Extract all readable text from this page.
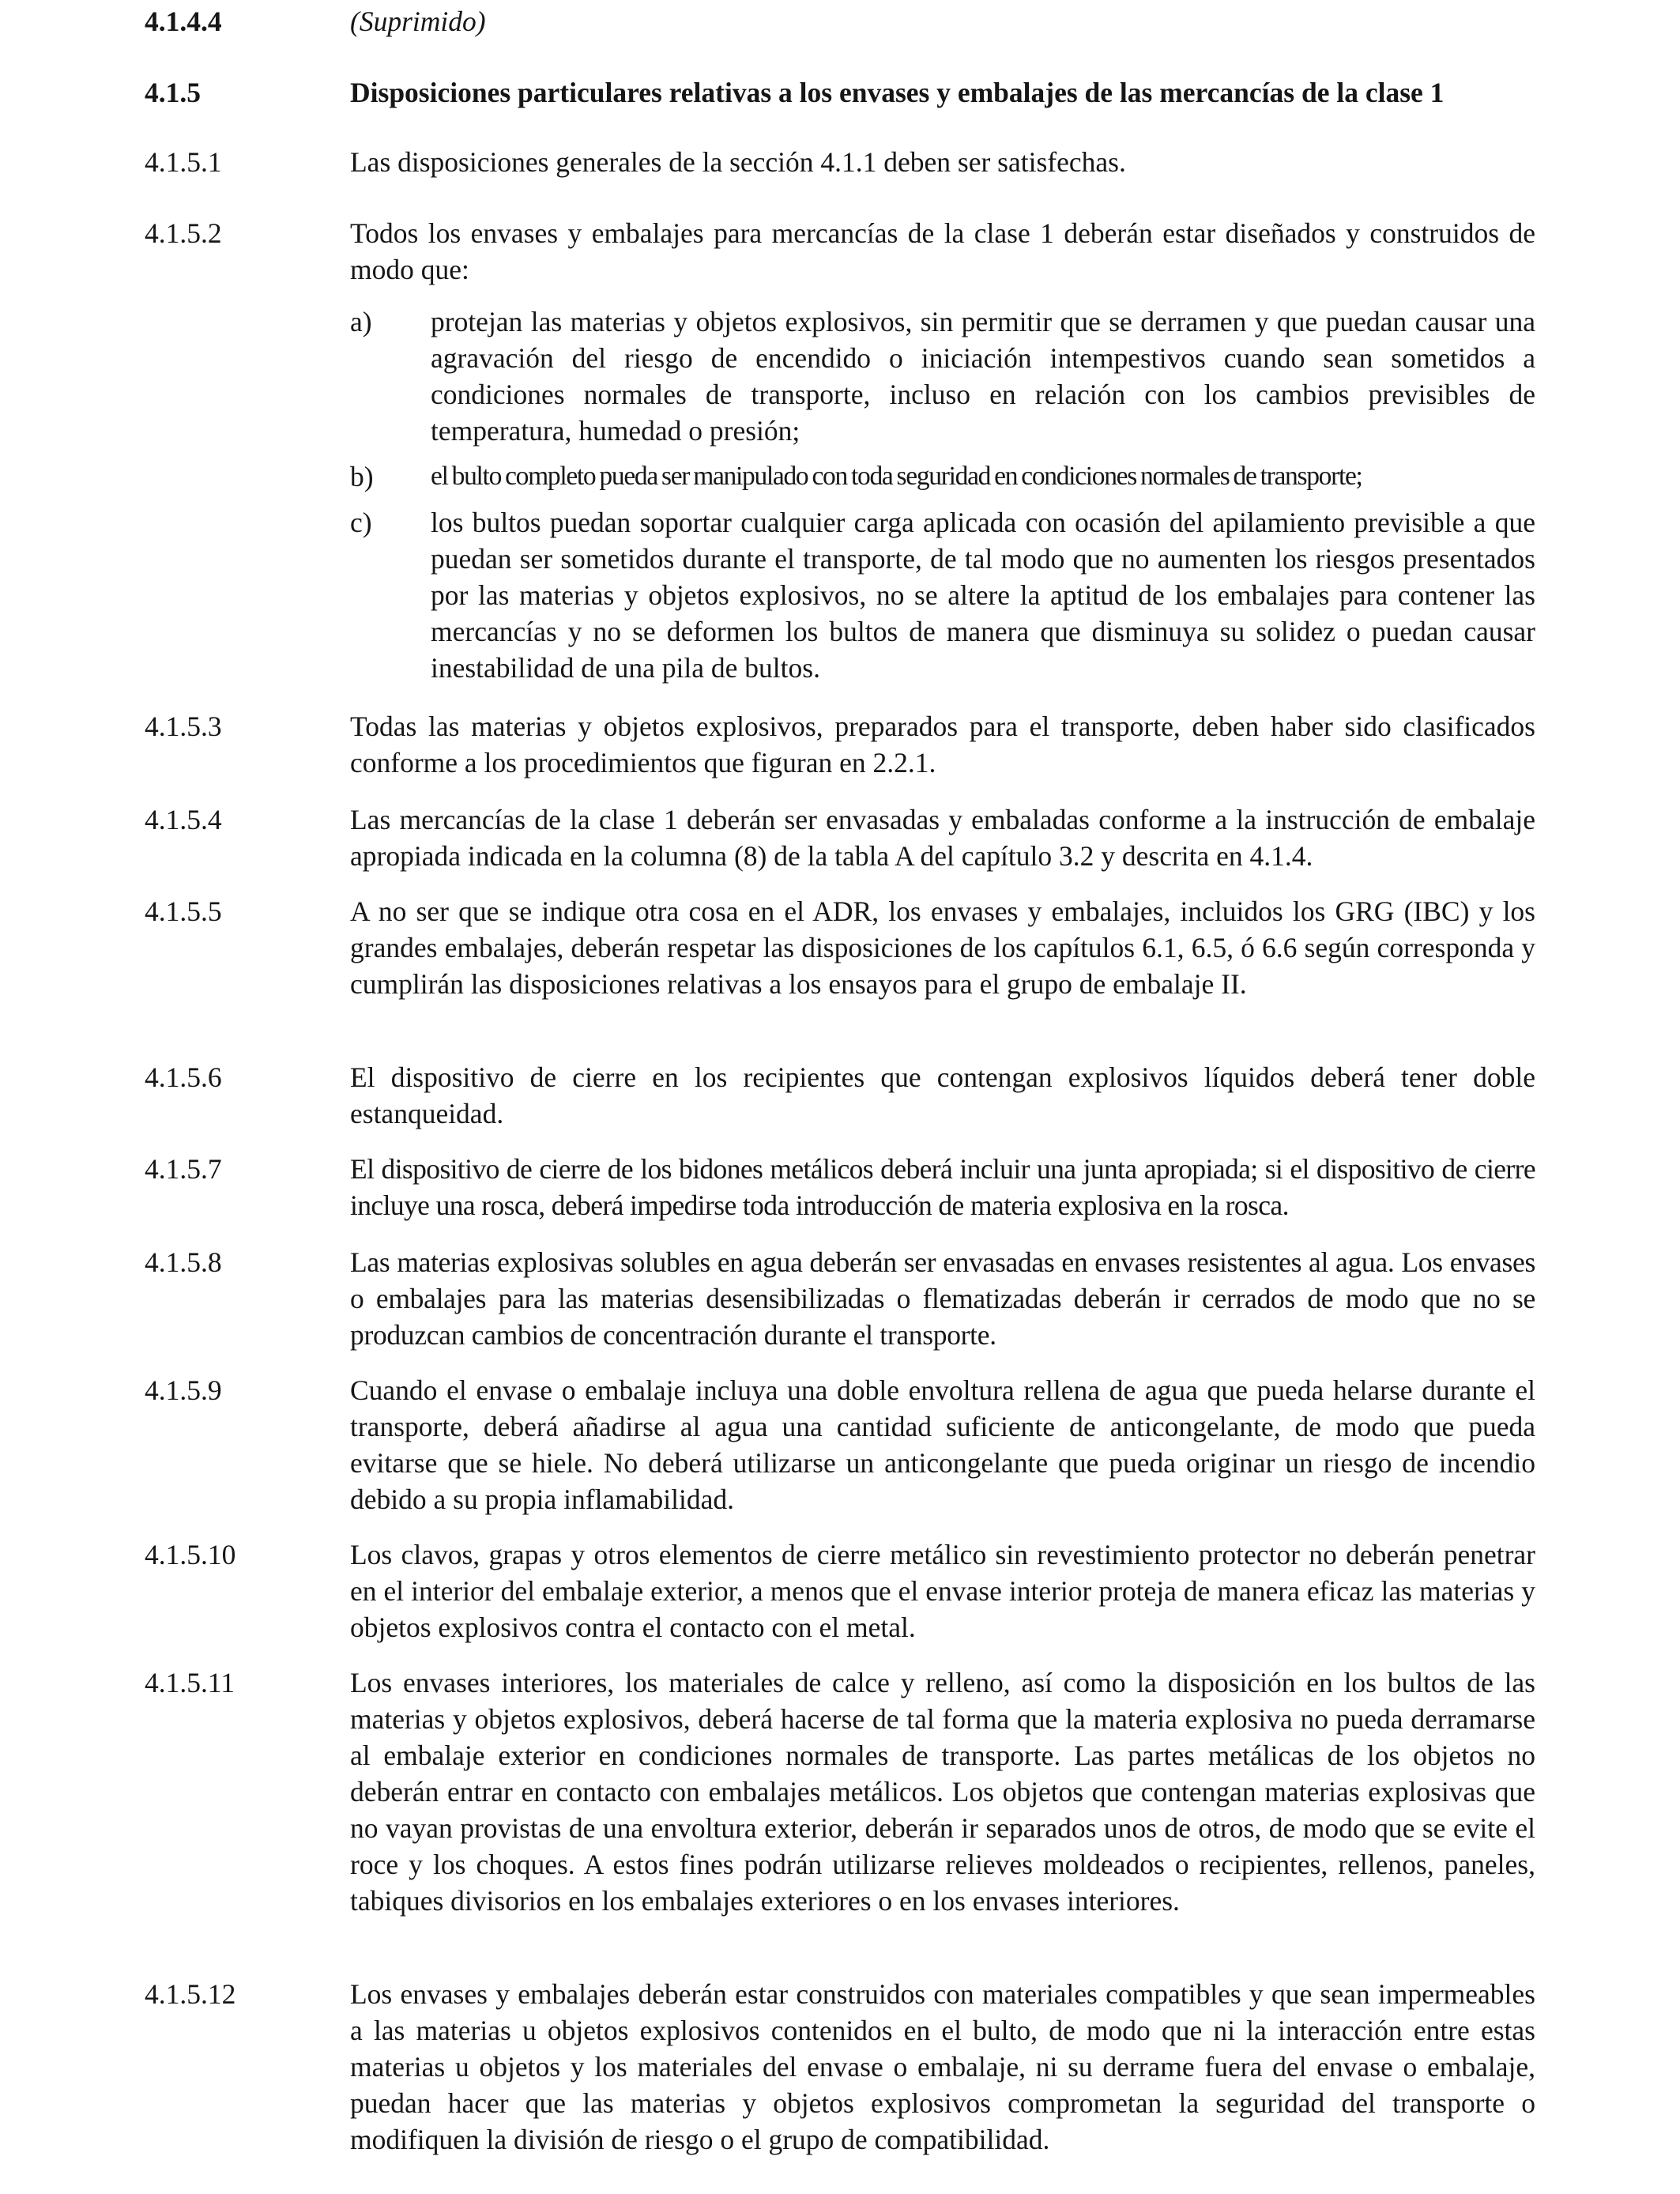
4.1.4.4	(Suprimido)
4.1.5	Disposiciones particulares relativas a los envases y embalajes de las mercancías de la clase 1
4.1.5.1	Las disposiciones generales de la sección 4.1.1 deben ser satisfechas.
4.1.5.2	Todos los envases y embalajes para mercancías de la clase 1 deberán estar diseñados y construidos de modo que:
a)	protejan las materias y objetos explosivos, sin permitir que se derramen y que puedan causar una agravación del riesgo de encendido o iniciación intempestivos cuando sean sometidos a condiciones normales de transporte, incluso en relación con los cambios previsibles de temperatura, humedad o presión;
b)	el bulto completo pueda ser manipulado con toda seguridad en condiciones normales de transporte;
c)	los bultos puedan soportar cualquier carga aplicada con ocasión del apilamiento previsible a que puedan ser sometidos durante el transporte, de tal modo que no aumenten los riesgos presentados por las materias y objetos explosivos, no se altere la aptitud de los embalajes para contener las mercancías y no se deformen los bultos de manera que disminuya su solidez o puedan causar inestabilidad de una pila de bultos.
4.1.5.3	Todas las materias y objetos explosivos, preparados para el transporte, deben haber sido clasificados conforme a los procedimientos que figuran en 2.2.1.
4.1.5.4	Las mercancías de la clase 1 deberán ser envasadas y embaladas conforme a la instrucción de embalaje apropiada indicada en la columna (8) de la tabla A del capítulo 3.2 y descrita en 4.1.4.
4.1.5.5	A no ser que se indique otra cosa en el ADR, los envases y embalajes, incluidos los GRG (IBC) y los grandes embalajes, deberán respetar las disposiciones de los capítulos 6.1, 6.5, ó 6.6 según corresponda y cumplirán las disposiciones relativas a los ensayos para el grupo de embalaje II.
4.1.5.6	El dispositivo de cierre en los recipientes que contengan explosivos líquidos deberá tener doble estanqueidad.
4.1.5.7	El dispositivo de cierre de los bidones metálicos deberá incluir una junta apropiada; si el dispositivo de cierre incluye una rosca, deberá impedirse toda introducción de materia explosiva en la rosca.
4.1.5.8	Las materias explosivas solubles en agua deberán ser envasadas en envases resistentes al agua. Los envases o embalajes para las materias desensibilizadas o flematizadas deberán ir cerrados de modo que no se produzcan cambios de concentración durante el transporte.
4.1.5.9	Cuando el envase o embalaje incluya una doble envoltura rellena de agua que pueda helarse durante el transporte, deberá añadirse al agua una cantidad suficiente de anticongelante, de modo que pueda evitarse que se hiele. No deberá utilizarse un anticongelante que pueda originar un riesgo de incendio debido a su propia inflamabilidad.
4.1.5.10	Los clavos, grapas y otros elementos de cierre metálico sin revestimiento protector no deberán penetrar en el interior del embalaje exterior, a menos que el envase interior proteja de manera eficaz las materias y objetos explosivos contra el contacto con el metal.
4.1.5.11	Los envases interiores, los materiales de calce y relleno, así como la disposición en los bultos de las materias y objetos explosivos, deberá hacerse de tal forma que la materia explosiva no pueda derramarse al embalaje exterior en condiciones normales de transporte. Las partes metálicas de los objetos no deberán entrar en contacto con embalajes metálicos. Los objetos que contengan materias explosivas que no vayan provistas de una envoltura exterior, deberán ir separados unos de otros, de modo que se evite el roce y los choques. A estos fines podrán utilizarse relieves moldeados o recipientes, rellenos, paneles, tabiques divisorios en los embalajes exteriores o en los envases interiores.
4.1.5.12	Los envases y embalajes deberán estar construidos con materiales compatibles y que sean impermeables a las materias u objetos explosivos contenidos en el bulto, de modo que ni la interacción entre estas materias u objetos y los materiales del envase o embalaje, ni su derrame fuera del envase o embalaje, puedan hacer que las materias y objetos explosivos comprometan la seguridad del transporte o modifiquen la división de riesgo o el grupo de compatibilidad.
